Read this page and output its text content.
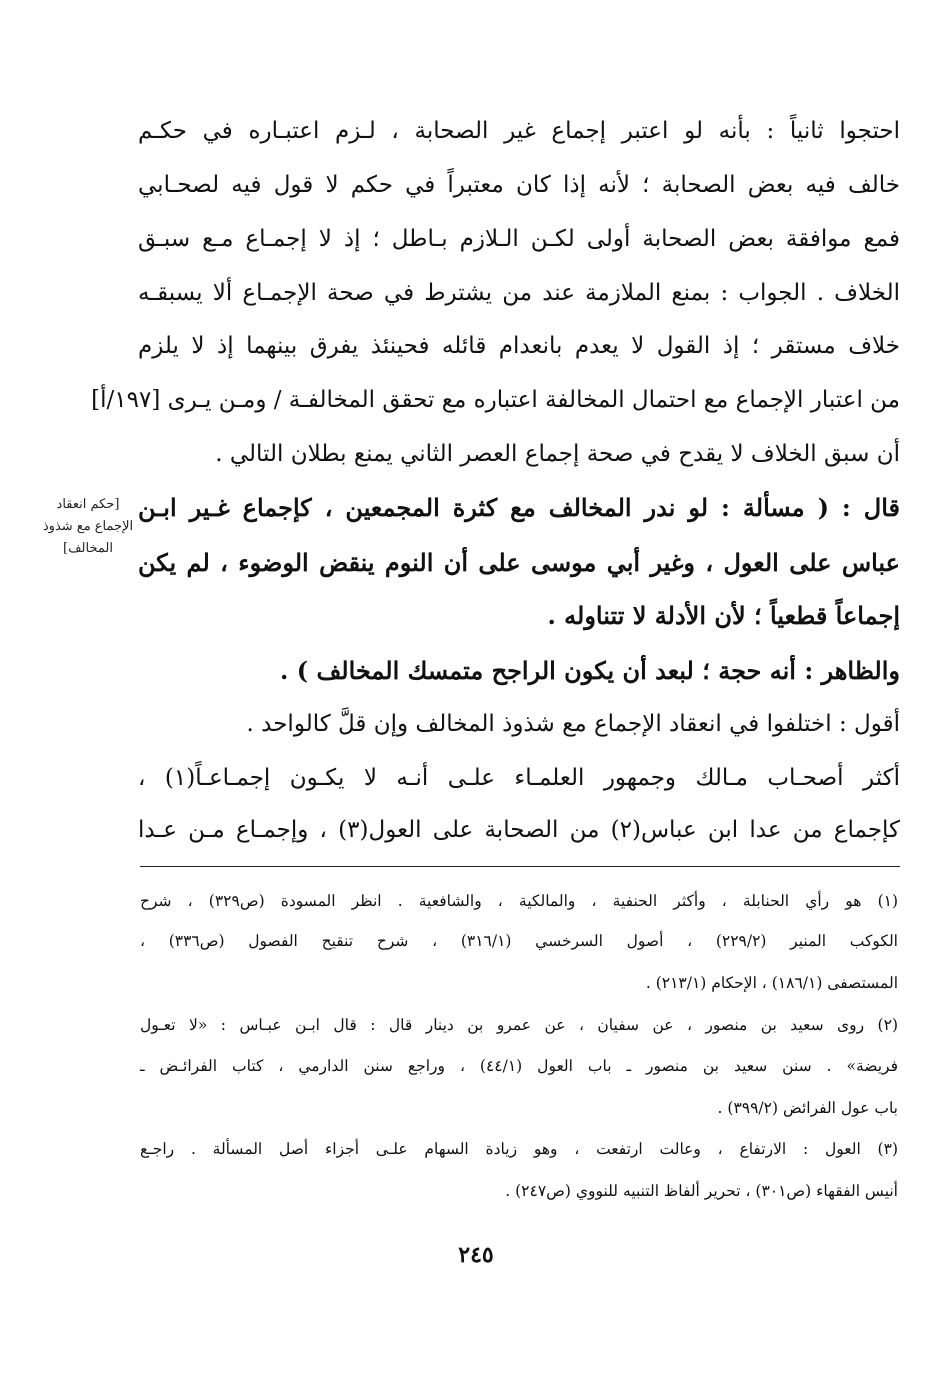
احتجوا ثانياً : بأنه لو اعتبر إجماع غير الصحابة ، لـزم اعتبـاره في حكـم
خالف فيه بعض الصحابة ؛ لأنه إذا كان معتبراً في حكم لا قول فيه لصحـابي
فمع موافقة بعض الصحابة أولى لكـن الـلازم بـاطل ؛ إذ لا إجمـاع مـع سبـق
الخلاف . الجواب : بمنع الملازمة عند من يشترط في صحة الإجمـاع ألا يسبقـه
خلاف مستقر ؛ إذ القول لا يعدم بانعدام قائله فحينئذ يفرق بينهما إذ لا يلزم
من اعتبار الإجماع مع احتمال المخالفة اعتباره مع تحقق المخالفـة / ومـن يـرى [١٩٧/أ]
أن سبق الخلاف لا يقدح في صحة إجماع العصر الثاني يمنع بطلان التالي .
قال : ( مسألة : لو ندر المخالف مع كثرة المجمعين ، كإجماع غـير ابـن
عباس على العول ، وغير أبي موسى على أن النوم ينقض الوضوء ، لم يكن
إجماعاً قطعياً ؛ لأن الأدلة لا تتناوله .
والظاهر : أنه حجة ؛ لبعد أن يكون الراجح متمسك المخالف ) .
أقول : اختلفوا في انعقاد الإجماع مع شذوذ المخالف وإن قلَّ كالواحد .
أكثر أصحـاب مـالك وجمهور العلمـاء علـى أنـه لا يكـون إجمـاعـاً(١) ،
كإجماع من عدا ابن عباس(٢) من الصحابة على العول(٣) ، وإجمـاع مـن عـدا
[حكم انعقاد الإجماع مع شذوذ المخالف]
(١) هو رأي الحنابلة ، وأكثر الحنفية ، والمالكية ، والشافعية . انظر المسودة (ص٣٢٩) ، شرح
الكوكب المنير (٢٢٩/٢) ، أصول السرخسي (٣١٦/١) ، شرح تنقيح الفصول (ص٣٣٦) ،
المستصفى (١٨٦/١) ، الإحكام (٢١٣/١) .
(٢) روى سعيد بن منصور ، عن سفيان ، عن عمرو بن دينار قال : قال ابـن عبـاس : «لا تعـول
فريضة» . سنن سعيد بن منصور ـ باب العول (٤٤/١) ، وراجع سنن الدارمي ، كتاب الفرائـض ـ
باب عول الفرائض (٣٩٩/٢) .
(٣) العول : الارتفاع ، وعالت ارتفعت ، وهو زيادة السهام علـى أجزاء أصل المسألة . راجـع
أنيس الفقهاء (ص٣٠١) ، تحرير ألفاظ التنبيه للنووي (ص٢٤٧) .
٢٤٥
